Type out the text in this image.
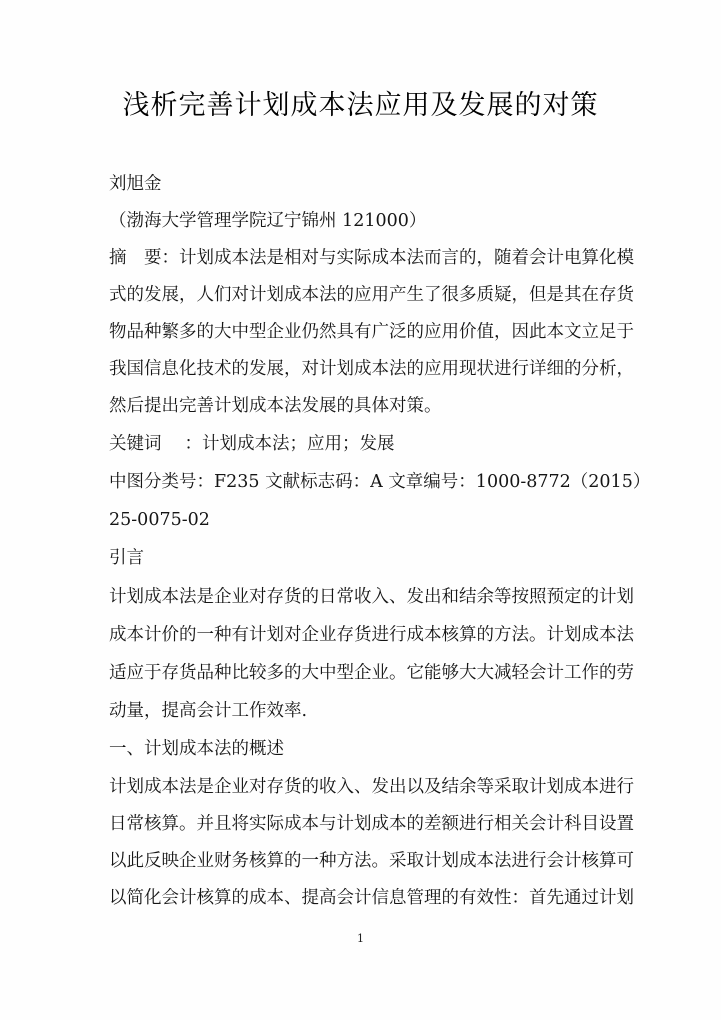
浅析完善计划成本法应用及发展的对策
刘旭金
（渤海大学管理学院辽宁锦州 121000）
摘　要：计划成本法是相对与实际成本法而言的，随着会计电算化模
式的发展，人们对计划成本法的应用产生了很多质疑，但是其在存货
物品种繁多的大中型企业仍然具有广泛的应用价值，因此本文立足于
我国信息化技术的发展，对计划成本法的应用现状进行详细的分析，
然后提出完善计划成本法发展的具体对策。
关键词　 ：计划成本法；应用；发展
中图分类号：F235 文献标志码：A 文章编号：1000-8772（2015）
25-0075-02
引言
计划成本法是企业对存货的日常收入、发出和结余等按照预定的计划
成本计价的一种有计划对企业存货进行成本核算的方法。计划成本法
适应于存货品种比较多的大中型企业。它能够大大减轻会计工作的劳
动量，提高会计工作效率.
一、计划成本法的概述
计划成本法是企业对存货的收入、发出以及结余等采取计划成本进行
日常核算。并且将实际成本与计划成本的差额进行相关会计科目设置
以此反映企业财务核算的一种方法。采取计划成本法进行会计核算可
以简化会计核算的成本、提高会计信息管理的有效性：首先通过计划
1
